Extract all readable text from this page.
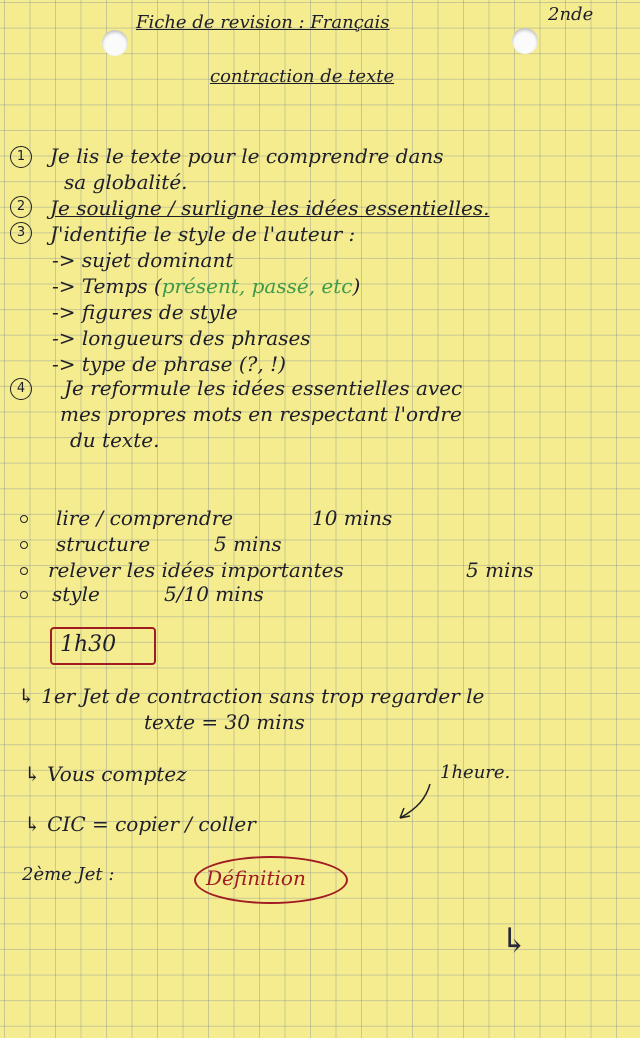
Fiche de revision : Français	2nde
contraction de texte
1	Je lis le texte pour le comprendre dans
sa globalité.
2	Je souligne / surligne les idées essentielles.
3	J'identifie le style de l'auteur :
-> sujet dominant
-> Temps (présent, passé, etc)
-> figures de style
-> longueurs des phrases
-> type de phrase (?, !)
4	Je reformule les idées essentielles avec
mes propres mots en respectant l'ordre
du texte.
lire / comprendre	10 mins
structure	5 mins
relever les idées importantes	5 mins
style	5/10 mins
1h30
↳ 1er Jet de contraction sans trop regarder le
texte = 30 mins
↳ Vous comptez	1heure.
↳ CIC = copier / coller
2ème Jet :	Définition
↳
